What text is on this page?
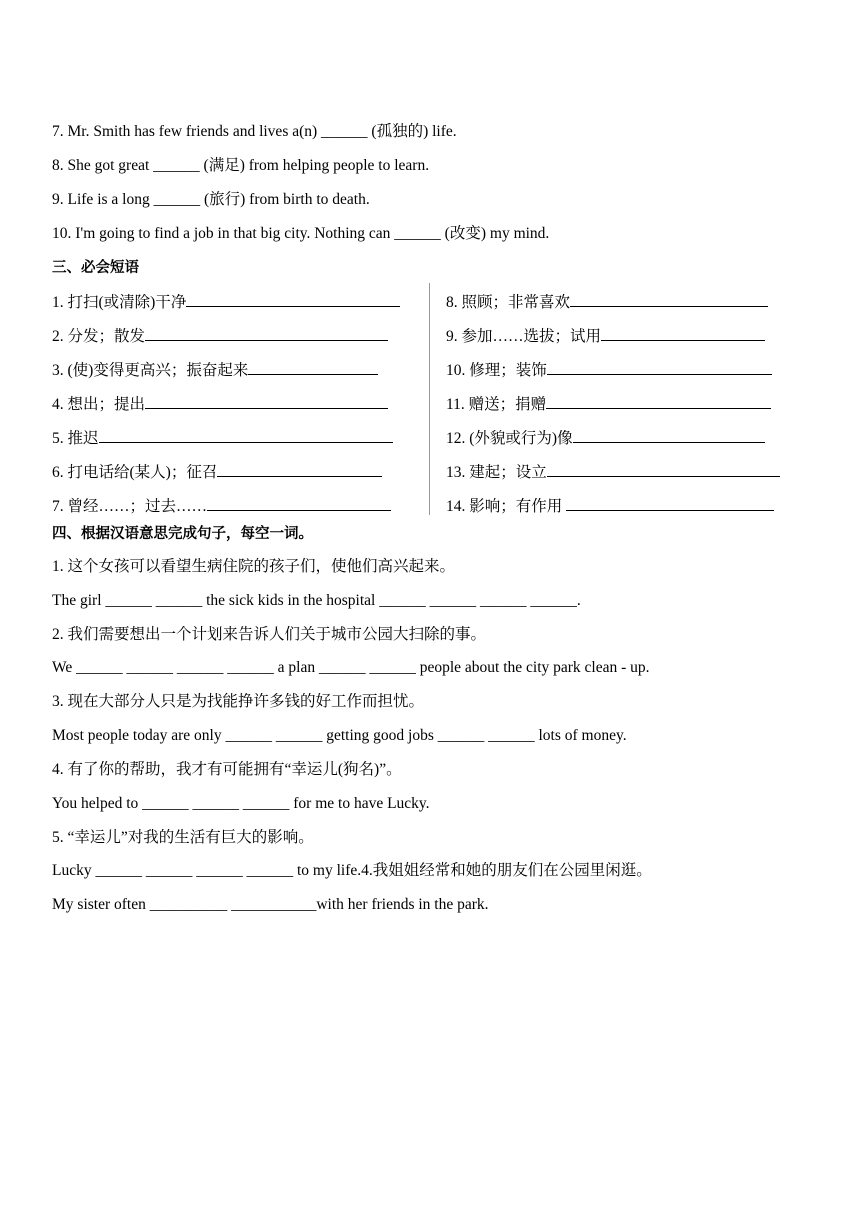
7. Mr. Smith has few friends and lives a(n) ______ (孤独的) life.
8. She got great ______ (满足) from helping people to learn.
9. Life is a long ______ (旅行) from birth to death.
10. I'm going to find a job in that big city. Nothing can ______ (改变) my mind.
三、必会短语
1. 打扫(或清除)干净
2. 分发；散发
3. (使)变得更高兴；振奋起来
4. 想出；提出
5. 推迟
6. 打电话给(某人)；征召
7. 曾经……；过去……
8. 照顾；非常喜欢
9. 参加……选拔；试用
10. 修理；装饰
11. 赠送；捐赠
12. (外貌或行为)像
13. 建起；设立
14. 影响；有作用
四、根据汉语意思完成句子，每空一词。
1. 这个女孩可以看望生病住院的孩子们，使他们高兴起来。
The girl ______ ______ the sick kids in the hospital ______ ______ ______ ______.
2. 我们需要想出一个计划来告诉人们关于城市公园大扫除的事。
We ______ ______ ______ ______ a plan ______ ______ people about the city park clean - up.
3. 现在大部分人只是为找能挣许多钱的好工作而担忧。
Most people today are only ______ ______ getting good jobs ______ ______ lots of money.
4. 有了你的帮助，我才有可能拥有“幸运儿(狗名)”。
You helped to ______ ______ ______ for me to have Lucky.
5. “幸运儿”对我的生活有巨大的影响。
Lucky ______ ______ ______ ______ to my life.4.我姐姐经常和她的朋友们在公园里闲逛。
My sister often __________ ___________with her friends in the park.
